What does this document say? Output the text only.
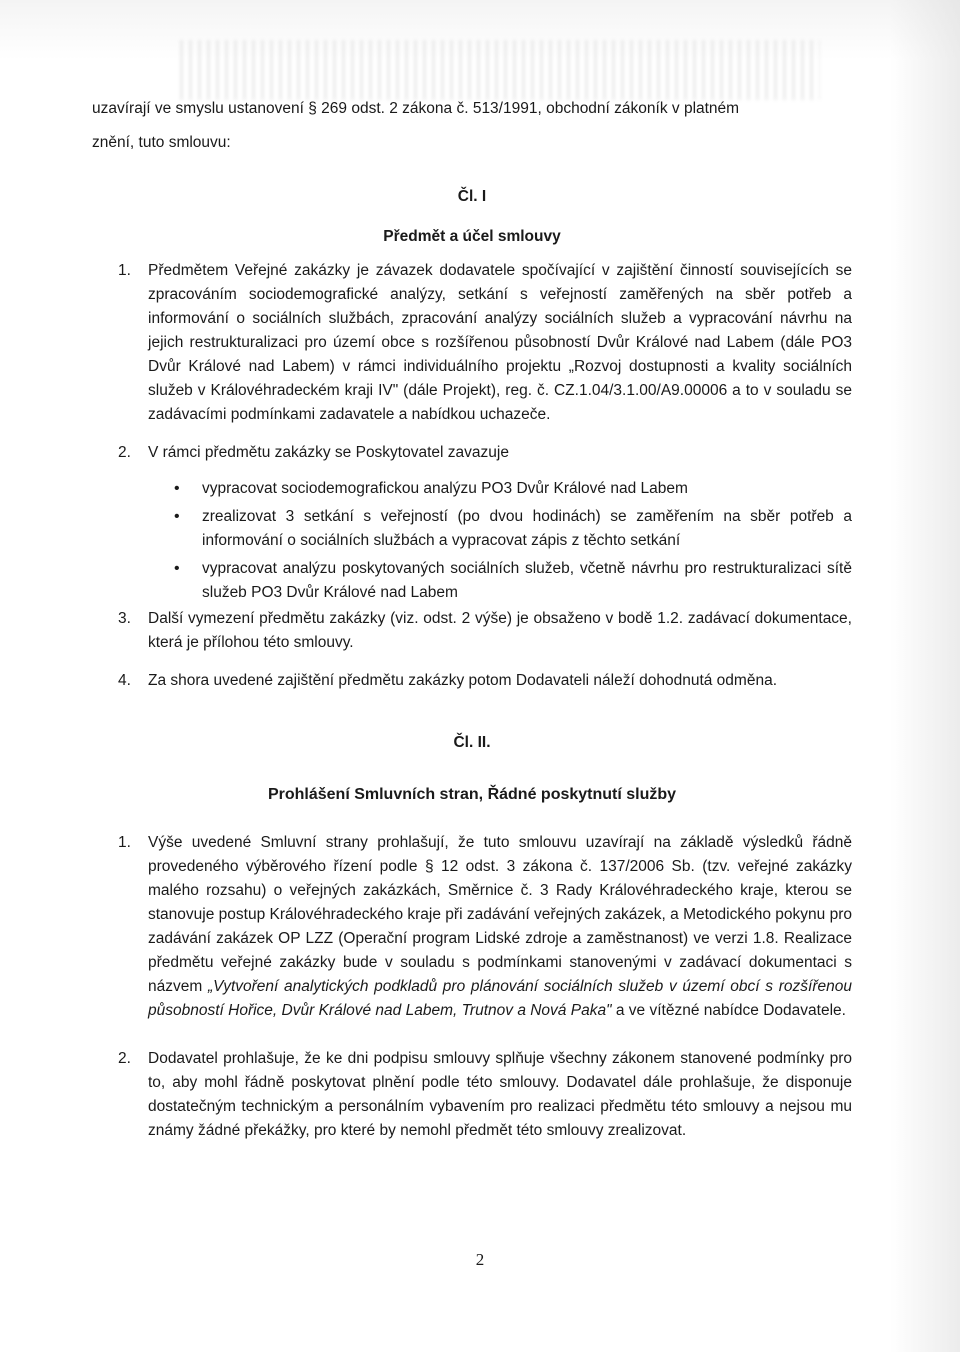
uzavírají ve smyslu ustanovení § 269 odst. 2 zákona č. 513/1991, obchodní zákoník v platném

znění, tuto smlouvu:

Čl. I

Předmět a účel smlouvy

1. Předmětem Veřejné zakázky je závazek dodavatele spočívající v zajištění činností souvisejících se zpracováním sociodemografické analýzy, setkání s veřejností zaměřených na sběr potřeb a informování o sociálních službách, zpracování analýzy sociálních služeb a vypracování návrhu na jejich restrukturalizaci pro území obce s rozšířenou působností Dvůr Králové nad Labem (dále PO3 Dvůr Králové nad Labem) v rámci individuálního projektu „Rozvoj dostupnosti a kvality sociálních služeb v Královéhradeckém kraji IV" (dále Projekt), reg. č. CZ.1.04/3.1.00/A9.00006 a to v souladu se zadávacími podmínkami zadavatele a nabídkou uchazeče.
2. V rámci předmětu zakázky se Poskytovatel zavazuje
• vypracovat sociodemografickou analýzu PO3 Dvůr Králové nad Labem
• zrealizovat 3 setkání s veřejností (po dvou hodinách) se zaměřením na sběr potřeb a informování o sociálních službách a vypracovat zápis z těchto setkání
• vypracovat analýzu poskytovaných sociálních služeb, včetně návrhu pro restrukturalizaci sítě služeb PO3 Dvůr Králové nad Labem
3. Další vymezení předmětu zakázky (viz. odst. 2 výše) je obsaženo v bodě 1.2. zadávací dokumentace, která je přílohou této smlouvy.
4. Za shora uvedené zajištění předmětu zakázky potom Dodavateli náleží dohodnutá odměna.

Čl. II.

Prohlášení Smluvních stran, Řádné poskytnutí služby

1. Výše uvedené Smluvní strany prohlašují, že tuto smlouvu uzavírají na základě výsledků řádně provedeného výběrového řízení podle § 12 odst. 3 zákona č. 137/2006 Sb. (tzv. veřejné zakázky malého rozsahu) o veřejných zakázkách, Směrnice č. 3 Rady Královéhradeckého kraje, kterou se stanovuje postup Královéhradeckého kraje při zadávání veřejných zakázek, a Metodického pokynu pro zadávání zakázek OP LZZ (Operační program Lidské zdroje a zaměstnanost) ve verzi 1.8. Realizace předmětu veřejné zakázky bude v souladu s podmínkami stanovenými v zadávací dokumentaci s názvem „Vytvoření analytických podkladů pro plánování sociálních služeb v území obcí s rozšířenou působností Hořice, Dvůr Králové nad Labem, Trutnov a Nová Paka" a ve vítězné nabídce Dodavatele.
2. Dodavatel prohlašuje, že ke dni podpisu smlouvy splňuje všechny zákonem stanovené podmínky pro to, aby mohl řádně poskytovat plnění podle této smlouvy. Dodavatel dále prohlašuje, že disponuje dostatečným technickým a personálním vybavením pro realizaci předmětu této smlouvy a nejsou mu známy žádné překážky, pro které by nemohl předmět této smlouvy zrealizovat.
2
